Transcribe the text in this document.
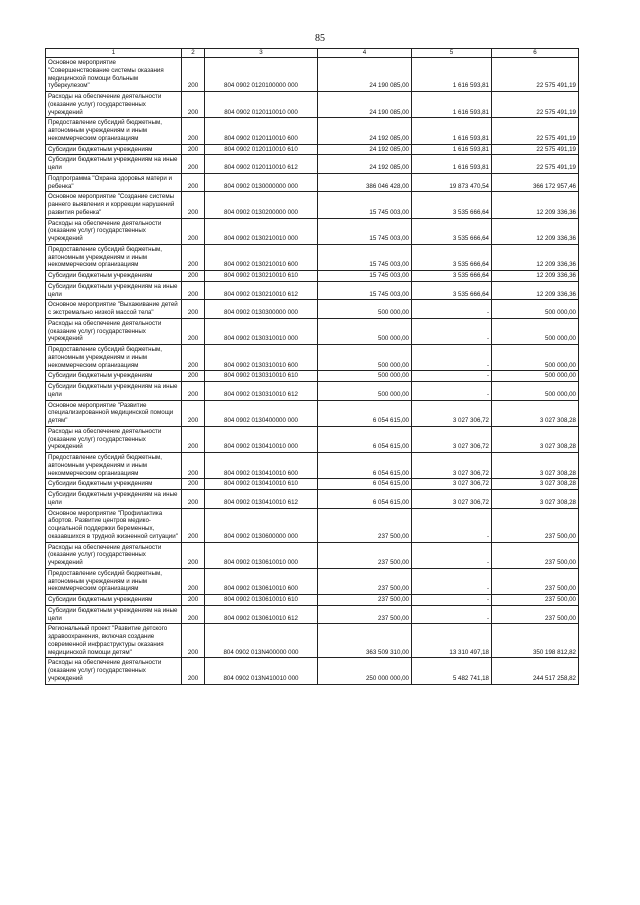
85
1	2	3	4	5	6
Основное мероприятие "Совершенствование системы оказания медицинской помощи больным туберкулезом"	200	804 0902 0120100000 000	24 190 085,00	1 616 593,81	22 575 491,19
Расходы на обеспечение деятельности (оказание услуг) государственных учреждений	200	804 0902 0120110010 000	24 190 085,00	1 616 593,81	22 575 491,19
Предоставление субсидий бюджетным, автономным учреждениям и иным некоммерческим организациям	200	804 0902 0120110010 600	24 192 085,00	1 616 593,81	22 575 491,19
Субсидии бюджетным учреждениям	200	804 0902 0120110010 610	24 192 085,00	1 616 593,81	22 575 491,19
Субсидии бюджетным учреждениям на иные цели	200	804 0902 0120110010 612	24 192 085,00	1 616 593,81	22 575 491,19
Подпрограмма "Охрана здоровья матери и ребенка"	200	804 0902 0130000000 000	386 046 428,00	19 873 470,54	366 172 957,46
Основное мероприятие "Создание системы раннего выявления и коррекции нарушений развития ребенка"	200	804 0902 0130200000 000	15 745 003,00	3 535 666,64	12 209 336,36
Расходы на обеспечение деятельности (оказание услуг) государственных учреждений	200	804 0902 0130210010 000	15 745 003,00	3 535 666,64	12 209 336,36
Предоставление субсидий бюджетным, автономным учреждениям и иным некоммерческим организациям	200	804 0902 0130210010 600	15 745 003,00	3 535 666,64	12 209 336,36
Субсидии бюджетным учреждениям	200	804 0902 0130210010 610	15 745 003,00	3 535 666,64	12 209 336,36
Субсидии бюджетным учреждениям на иные цели	200	804 0902 0130210010 612	15 745 003,00	3 535 666,64	12 209 336,36
Основное мероприятие "Выхаживание детей с экстремально низкой массой тела"	200	804 0902 0130300000 000	500 000,00	-	500 000,00
Расходы на обеспечение деятельности (оказание услуг) государственных учреждений	200	804 0902 0130310010 000	500 000,00	-	500 000,00
Предоставление субсидий бюджетным, автономным учреждениям и иным некоммерческим организациям	200	804 0902 0130310010 600	500 000,00	-	500 000,00
Субсидии бюджетным учреждениям	200	804 0902 0130310010 610	500 000,00	-	500 000,00
Субсидии бюджетным учреждениям на иные цели	200	804 0902 0130310010 612	500 000,00	-	500 000,00
Основное мероприятие "Развитие специализированной медицинской помощи детям"	200	804 0902 0130400000 000	6 054 615,00	3 027 306,72	3 027 308,28
Расходы на обеспечение деятельности (оказание услуг) государственных учреждений	200	804 0902 0130410010 000	6 054 615,00	3 027 306,72	3 027 308,28
Предоставление субсидий бюджетным, автономным учреждениям и иным некоммерческим организациям	200	804 0902 0130410010 600	6 054 615,00	3 027 306,72	3 027 308,28
Субсидии бюджетным учреждениям	200	804 0902 0130410010 610	6 054 615,00	3 027 306,72	3 027 308,28
Субсидии бюджетным учреждениям на иные цели	200	804 0902 0130410010 612	6 054 615,00	3 027 306,72	3 027 308,28
Основное мероприятие "Профилактика абортов. Развитие центров медико-социальной поддержки беременных, оказавшихся в трудной жизненной ситуации"	200	804 0902 0130600000 000	237 500,00	-	237 500,00
Расходы на обеспечение деятельности (оказание услуг) государственных учреждений	200	804 0902 0130610010 000	237 500,00	-	237 500,00
Предоставление субсидий бюджетным, автономным учреждениям и иным некоммерческим организациям	200	804 0902 0130610010 600	237 500,00	-	237 500,00
Субсидии бюджетным учреждениям	200	804 0902 0130610010 610	237 500,00	-	237 500,00
Субсидии бюджетным учреждениям на иные цели	200	804 0902 0130610010 612	237 500,00	-	237 500,00
Региональный проект "Развитие детского здравоохранения, включая создание современной инфраструктуры оказания медицинской помощи детям"	200	804 0902 013N400000 000	363 509 310,00	13 310 497,18	350 198 812,82
Расходы на обеспечение деятельности (оказание услуг) государственных учреждений	200	804 0902 013N410010 000	250 000 000,00	5 482 741,18	244 517 258,82
